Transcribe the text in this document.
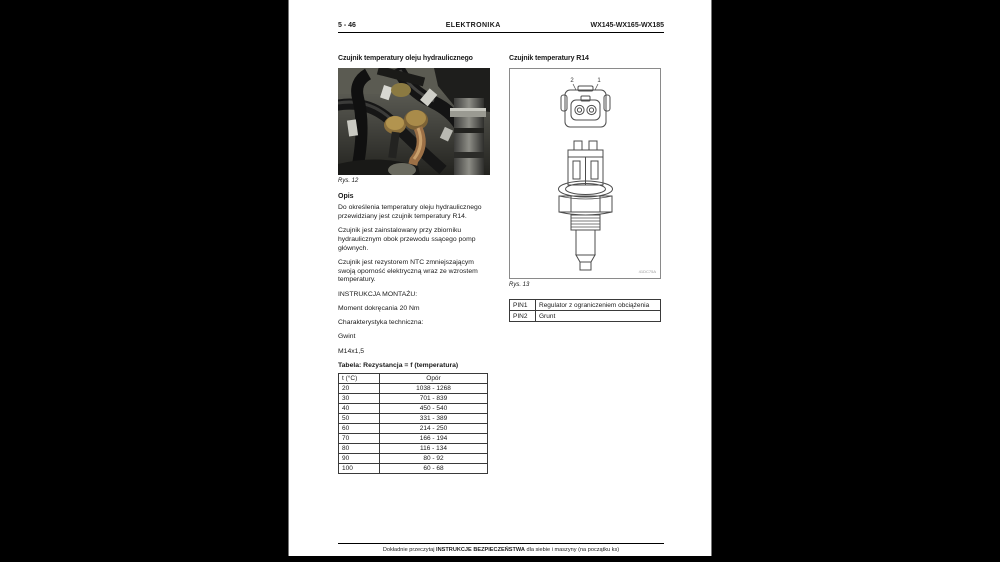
5 - 46	ELEKTRONIKA	WX145-WX165-WX185
Czujnik temperatury oleju hydraulicznego
Rys. 12
Opis

Do określenia temperatury oleju hydraulicznego przewidziany jest czujnik temperatury R14.

Czujnik jest zainstalowany przy zbiorniku hydraulicznym obok przewodu ssącego pomp głównych.

Czujnik jest rezystorem NTC zmniejszającym swoją oporność elektryczną wraz ze wzrostem temperatury.

INSTRUKCJA MONTAŻU:
Moment dokręcania 20 Nm
Charakterystyka techniczna:
Gwint
M14x1,5
Tabela: Rezystancja = f (temperatura)
t (°C)	Opór
20	1038 - 1268
30	701 - 839
40	450 - 540
50	331 - 389
60	214 - 250
70	166 - 194
80	116 - 134
90	80 - 92
100	60 - 68
Czujnik temperatury R14
2	1
41DC75A
Rys. 13
PIN1	Regulator z ograniczeniem obciążenia
PIN2	Grunt
Dokładnie przeczytaj INSTRUKCJE BEZPIECZEŃSTWA dla siebie i maszyny (na początku ks)
